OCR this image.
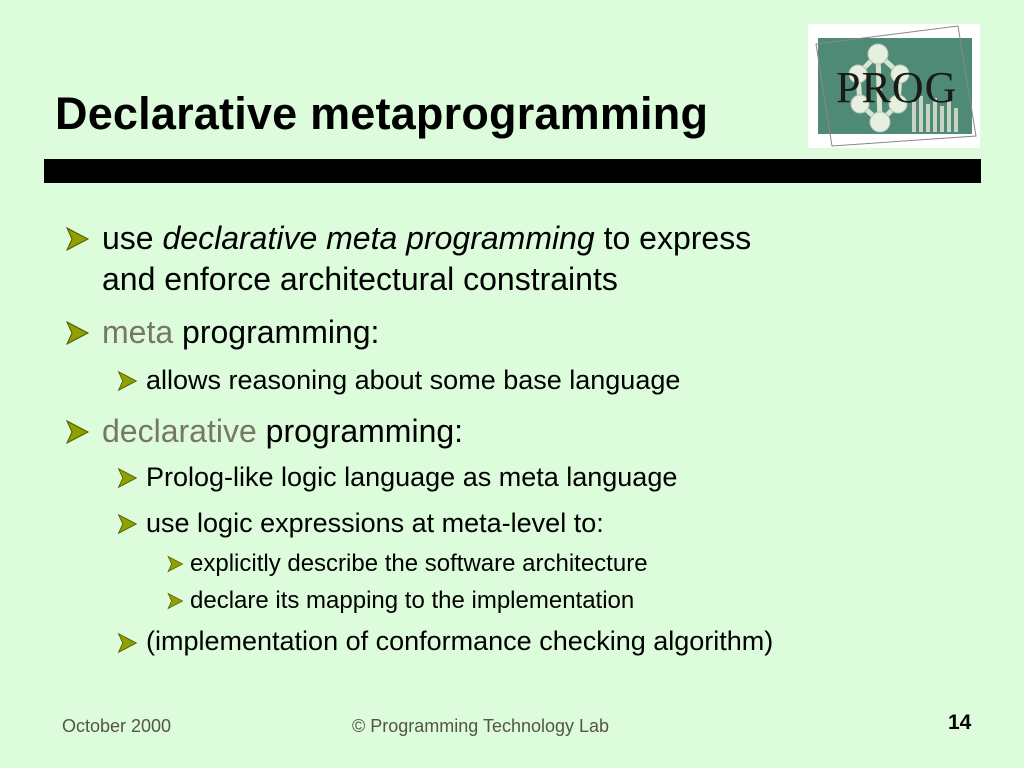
Declarative metaprogramming
PROG
use declarative meta programming to express
and enforce architectural constraints
meta programming:
allows reasoning about some base language
declarative programming:
Prolog-like logic language as meta language
use logic expressions at meta-level to:
explicitly describe the software architecture
declare its mapping to the implementation
(implementation of conformance checking algorithm)
October 2000	© Programming Technology Lab	14
